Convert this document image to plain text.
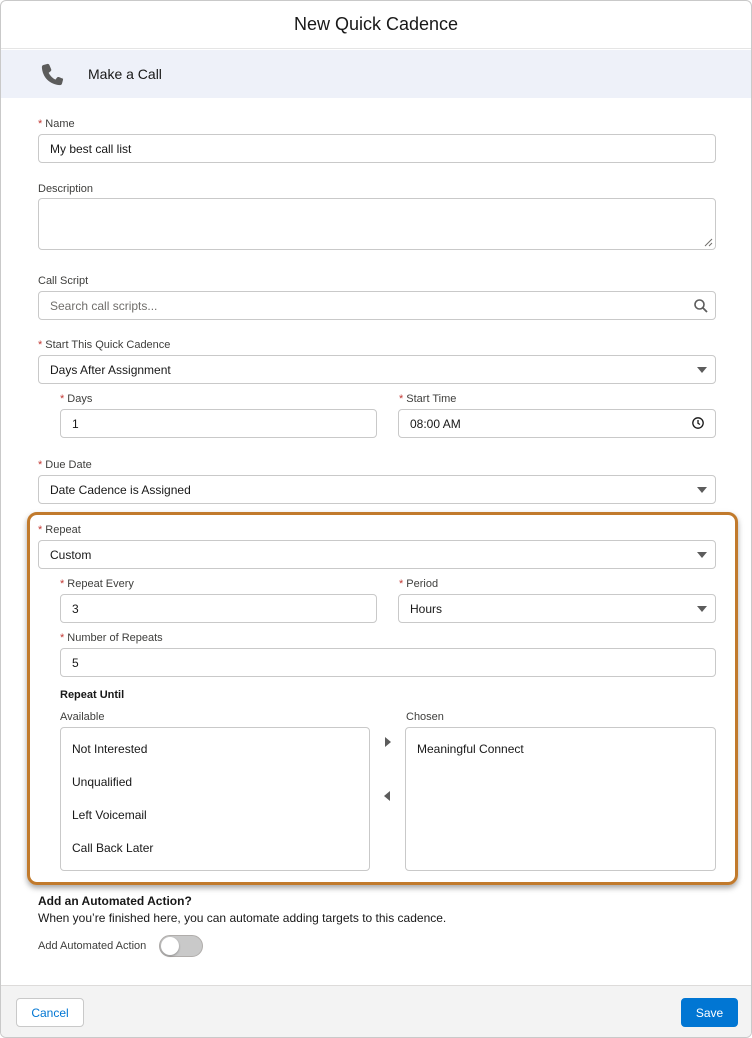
New Quick Cadence
Make a Call
* Name
My best call list
Description
Call Script
Search call scripts...
* Start This Quick Cadence
Days After Assignment
* Days
1
* Start Time
08:00 AM
* Due Date
Date Cadence is Assigned
* Repeat
Custom
* Repeat Every
3
* Period
Hours
* Number of Repeats
5
Repeat Until
Available	Chosen
Not Interested
Unqualified
Left Voicemail
Call Back Later
Meaningful Connect
Add an Automated Action?
When you’re finished here, you can automate adding targets to this cadence.
Add Automated Action
Cancel	Save
